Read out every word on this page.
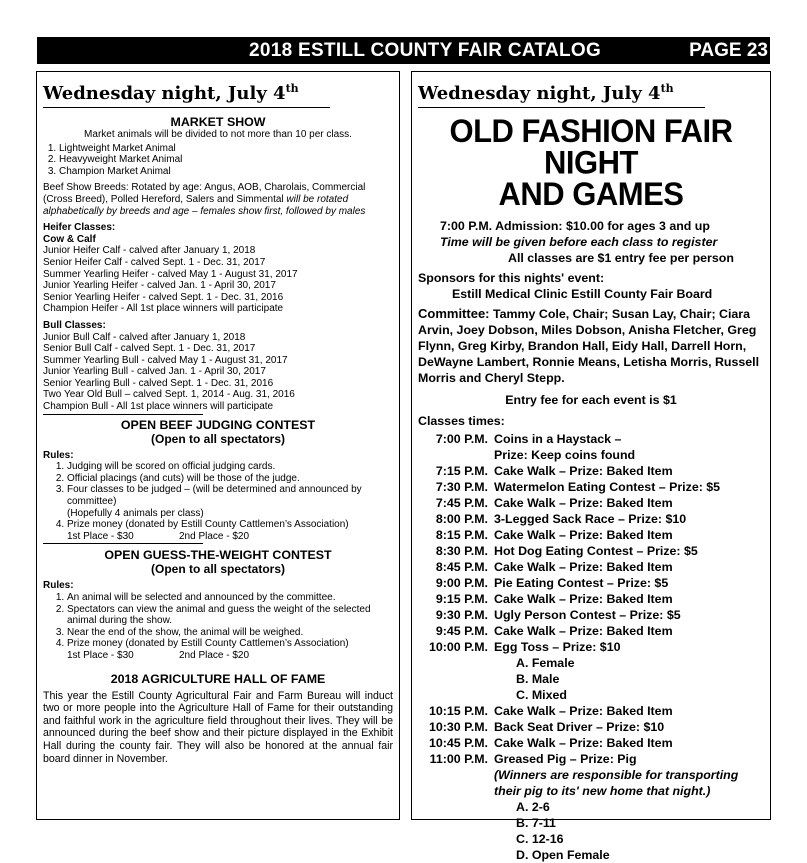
2018 ESTILL COUNTY FAIR CATALOG	PAGE 23
Wednesday night, July 4th
MARKET SHOW

Market animals will be divided to not more than 10 per class.

1. Lightweight Market Animal
2. Heavyweight Market Animal
3. Champion Market Animal

Beef Show Breeds: Rotated by age: Angus, AOB, Charolais, Commercial (Cross Breed), Polled Hereford, Salers and Simmental will be rotated alphabetically by breeds and age – females show first, followed by males

Heifer Classes:

Cow & Calf

Junior Heifer Calf - calved after January 1, 2018

Senior Heifer Calf - calved Sept. 1 - Dec. 31, 2017

Summer Yearling Heifer - calved May 1 - August 31, 2017

Junior Yearling Heifer - calved Jan. 1 - April 30, 2017

Senior Yearling Heifer - calved Sept. 1 - Dec. 31, 2016

Champion Heifer - All 1st place winners will participate

Bull Classes:

Junior Bull Calf - calved after January 1, 2018

Senior Bull Calf - calved Sept. 1 - Dec. 31, 2017

Summer Yearling Bull - calved May 1 - August 31, 2017

Junior Yearling Bull - calved Jan. 1 - April 30, 2017

Senior Yearling Bull - calved Sept. 1 - Dec. 31, 2016

Two Year Old Bull – calved Sept. 1, 2014 - Aug. 31, 2016

Champion Bull - All 1st place winners will participate

OPEN BEEF JUDGING CONTEST
(Open to all spectators)

Rules:

1. Judging will be scored on official judging cards.
2. Official placings (and cuts) will be those of the judge.
3. Four classes to be judged – (will be determined and announced by committee)
(Hopefully 4 animals per class)
4. Prize money (donated by Estill County Cattlemen’s Association)
1st Place - $30	2nd Place - $20
OPEN GUESS-THE-WEIGHT CONTEST
(Open to all spectators)

Rules:

1. An animal will be selected and announced by the committee.
2. Spectators can view the animal and guess the weight of the selected animal during the show.
3. Near the end of the show, the animal will be weighed.
4. Prize money (donated by Estill County Cattlemen’s Association)
1st Place - $30	2nd Place - $20
2018 AGRICULTURE HALL OF FAME

This year the Estill County Agricultural Fair and Farm Bureau will induct two or more people into the Agriculture Hall of Fame for their outstanding and faithful work in the agriculture field throughout their lives. They will be announced during the beef show and their picture displayed in the Exhibit Hall during the county fair. They will also be honored at the annual fair board dinner in November.

Wednesday night, July 4th
OLD FASHION FAIR NIGHT
AND GAMES

7:00 P.M. Admission: $10.00 for ages 3 and up

Time will be given before each class to register

All classes are $1 entry fee per person

Sponsors for this nights' event:

Estill Medical Clinic Estill County Fair Board

Committee: Tammy Cole, Chair; Susan Lay, Chair; Ciara Arvin, Joey Dobson, Miles Dobson, Anisha Fletcher, Greg Flynn, Greg Kirby, Brandon Hall, Eidy Hall, Darrell Horn, DeWayne Lambert, Ronnie Means, Letisha Morris, Russell Morris and Cheryl Stepp.

Entry fee for each event is $1

Classes times:

7:00 P.M. Coins in a Haystack –
Prize: Keep coins found
7:15 P.M. Cake Walk – Prize: Baked Item
7:30 P.M. Watermelon Eating Contest – Prize: $5
7:45 P.M. Cake Walk – Prize: Baked Item
8:00 P.M. 3-Legged Sack Race – Prize: $10
8:15 P.M. Cake Walk – Prize: Baked Item
8:30 P.M. Hot Dog Eating Contest – Prize: $5
8:45 P.M. Cake Walk – Prize: Baked Item
9:00 P.M. Pie Eating Contest – Prize: $5
9:15 P.M. Cake Walk – Prize: Baked Item
9:30 P.M. Ugly Person Contest – Prize: $5
9:45 P.M. Cake Walk – Prize: Baked Item
10:00 P.M. Egg Toss – Prize: $10
A. Female
B. Male
C. Mixed
10:15 P.M. Cake Walk – Prize: Baked Item
10:30 P.M. Back Seat Driver – Prize: $10
10:45 P.M. Cake Walk – Prize: Baked Item
11:00 P.M. Greased Pig – Prize: Pig
(Winners are responsible for transporting their pig to its' new home that night.)
A. 2-6
B. 7-11
C. 12-16
D. Open Female
